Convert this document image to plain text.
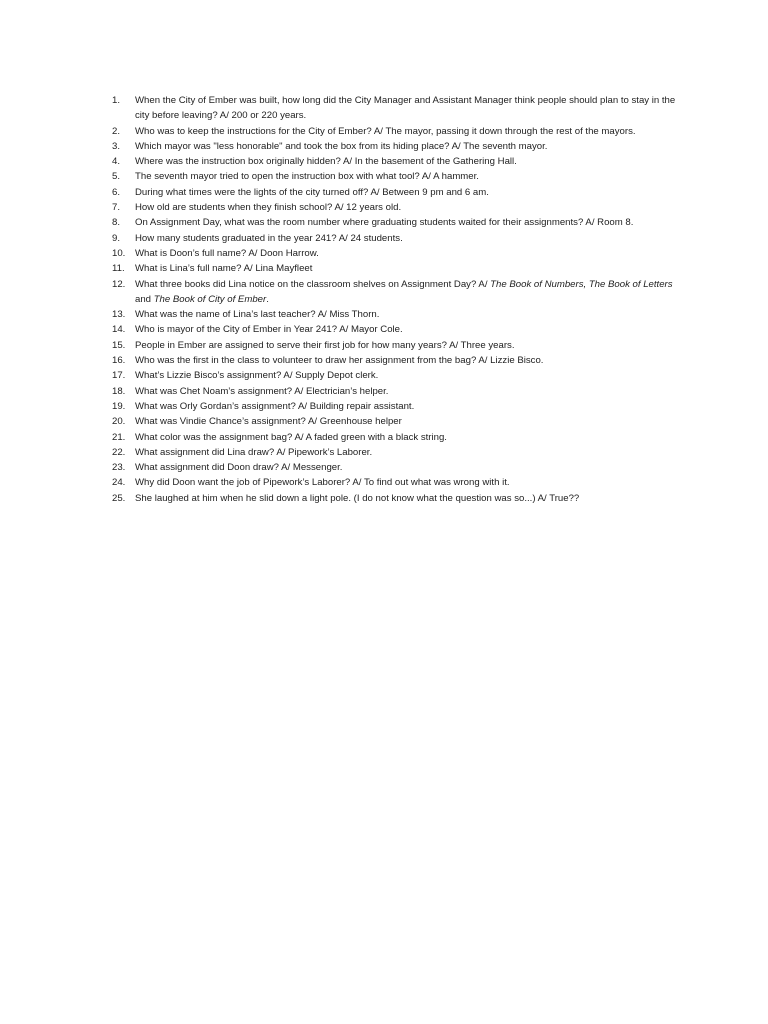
1.	When the City of Ember was built, how long did the City Manager and Assistant Manager think people should plan to stay in the city before leaving? A/ 200 or 220 years.
2.	Who was to keep the instructions for the City of Ember? A/ The mayor, passing it down through the rest of the mayors.
3.	Which mayor was "less honorable" and took the box from its hiding place? A/ The seventh mayor.
4.	Where was the instruction box originally hidden? A/ In the basement of the Gathering Hall.
5.	The seventh mayor tried to open the instruction box with what tool? A/ A hammer.
6.	During what times were the lights of the city turned off? A/ Between 9 pm and 6 am.
7.	How old are students when they finish school? A/ 12 years old.
8.	On Assignment Day, what was the room number where graduating students waited for their assignments? A/ Room 8.
9.	How many students graduated in the year 241? A/ 24 students.
10.	What is Doon’s full name? A/ Doon Harrow.
11.	What is Lina’s full name? A/ Lina Mayfleet
12.	What three books did Lina notice on the classroom shelves on Assignment Day? A/ The Book of Numbers, The Book of Letters and The Book of City of Ember.
13.	What was the name of Lina’s last teacher? A/ Miss Thorn.
14.	Who is mayor of the City of Ember in Year 241? A/ Mayor Cole.
15.	People in Ember are assigned to serve their first job for how many years? A/ Three years.
16.	Who was the first in the class to volunteer to draw her assignment from the bag? A/ Lizzie Bisco.
17.	What’s Lizzie Bisco’s assignment? A/ Supply Depot clerk.
18.	What was Chet Noam’s assignment? A/ Electrician’s helper.
19.	What was Orly Gordan’s assignment? A/ Building repair assistant.
20.	What was Vindie Chance’s assignment? A/ Greenhouse helper
21.	What color was the assignment bag? A/ A faded green with a black string.
22.	What assignment did Lina draw? A/ Pipework’s Laborer.
23.	What assignment did Doon draw? A/ Messenger.
24.	Why did Doon want the job of Pipework’s Laborer? A/ To find out what was wrong with it.
25.	She laughed at him when he slid down a light pole. (I do not know what the question was so...) A/ True??
